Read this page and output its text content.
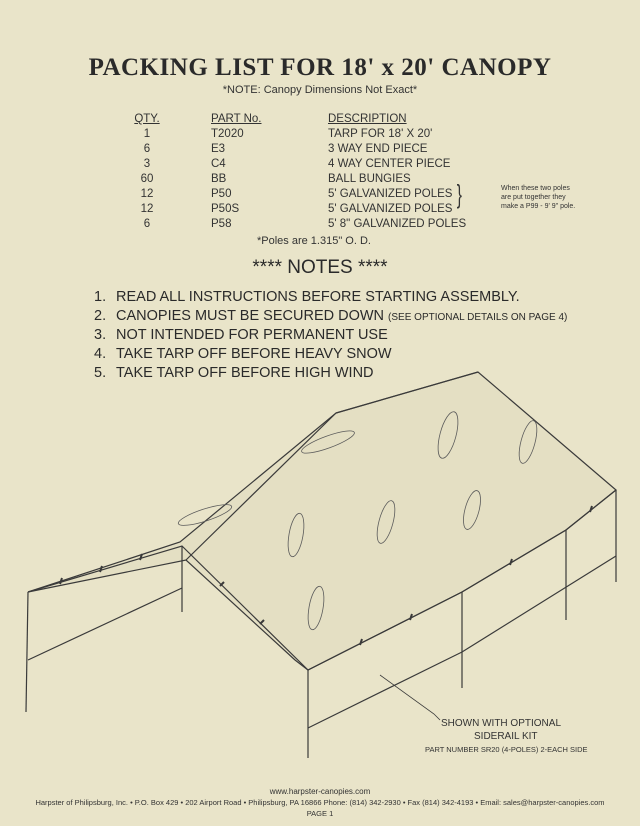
PACKING LIST FOR 18' x 20' CANOPY
*NOTE: Canopy Dimensions Not Exact*
QTY.	PART No.	DESCRIPTION
1	T2020	TARP FOR 18' X 20'
6	E3	3 WAY END PIECE
3	C4	4 WAY CENTER PIECE
60	BB	BALL BUNGIES
12	P50	5' GALVANIZED POLES
12	P50S	5' GALVANIZED POLES
6	P58	5' 8" GALVANIZED POLES
}	When these two poles
are put together they
make a P99 - 9' 9" pole.
*Poles are 1.315" O. D.
**** NOTES ****
1. READ ALL INSTRUCTIONS BEFORE STARTING ASSEMBLY.
2. CANOPIES MUST BE SECURED DOWN (SEE OPTIONAL DETAILS ON PAGE 4)
3. NOT INTENDED FOR PERMANENT USE
4. TAKE TARP OFF BEFORE HEAVY SNOW
5. TAKE TARP OFF BEFORE HIGH WIND
SHOWN WITH OPTIONAL
SIDERAIL KIT
PART NUMBER SR20 (4-POLES) 2-EACH SIDE
www.harpster-canopies.com
Harpster of Philipsburg, Inc. • P.O. Box 429 • 202 Airport Road • Philipsburg, PA 16866 Phone: (814) 342-2930 • Fax (814) 342-4193 • Email: sales@harpster-canopies.com
PAGE 1
